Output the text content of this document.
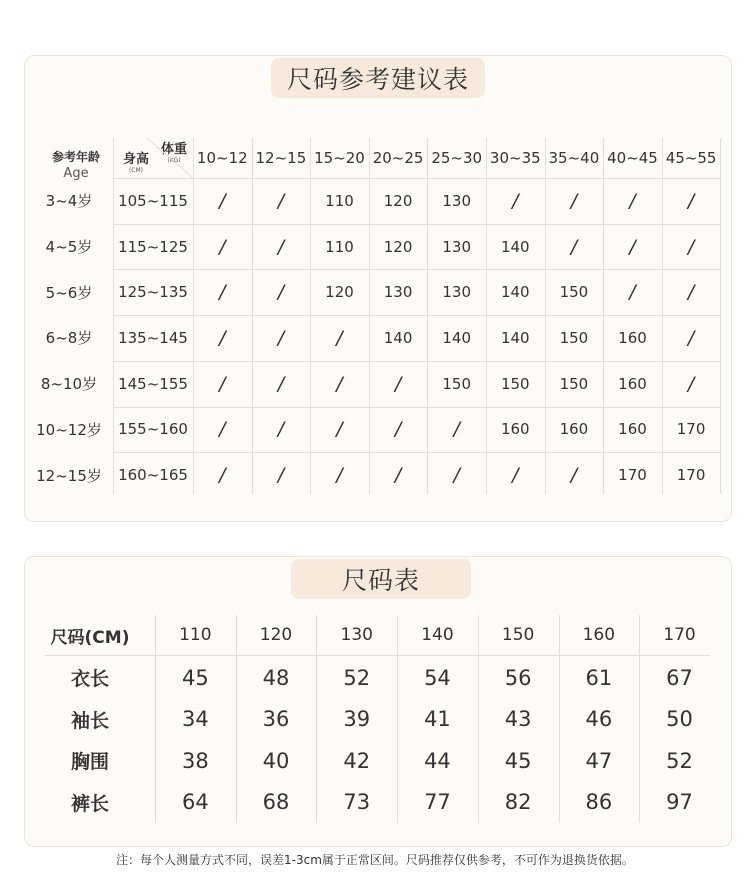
尺码参考建议表
参考年龄
Age
身高
(CM)
体重
(KG)	10~12 12~15 15~20 20~25 25~30 30~35 35~40 40~45 45~55
3~4岁	105~115	/	/	110	120	130	/	/	/	/
4~5岁	115~125	/	/	110	120	130	140	/	/	/
5~6岁	125~135	/	/	120	130	130	140	150	/	/
6~8岁	135~145	/	/	/	140	140	140	150	160	/
8~10岁	145~155	/	/	/	/	150	150	150	160	/
10~12岁	155~160	/	/	/	/	/	160	160	160	170
12~15岁	160~165	/	/	/	/	/	/	/	170	170
尺码表
尺码(CM)	110	120	130	140	150	160	170
衣长	45	48	52	54	56	61	67
袖长	34	36	39	41	43	46	50
胸围	38	40	42	44	45	47	52
裤长	64	68	73	77	82	86	97
注：每个人测量方式不同，误差1-3cm属于正常区间。尺码推荐仅供参考，不可作为退换货依据。
